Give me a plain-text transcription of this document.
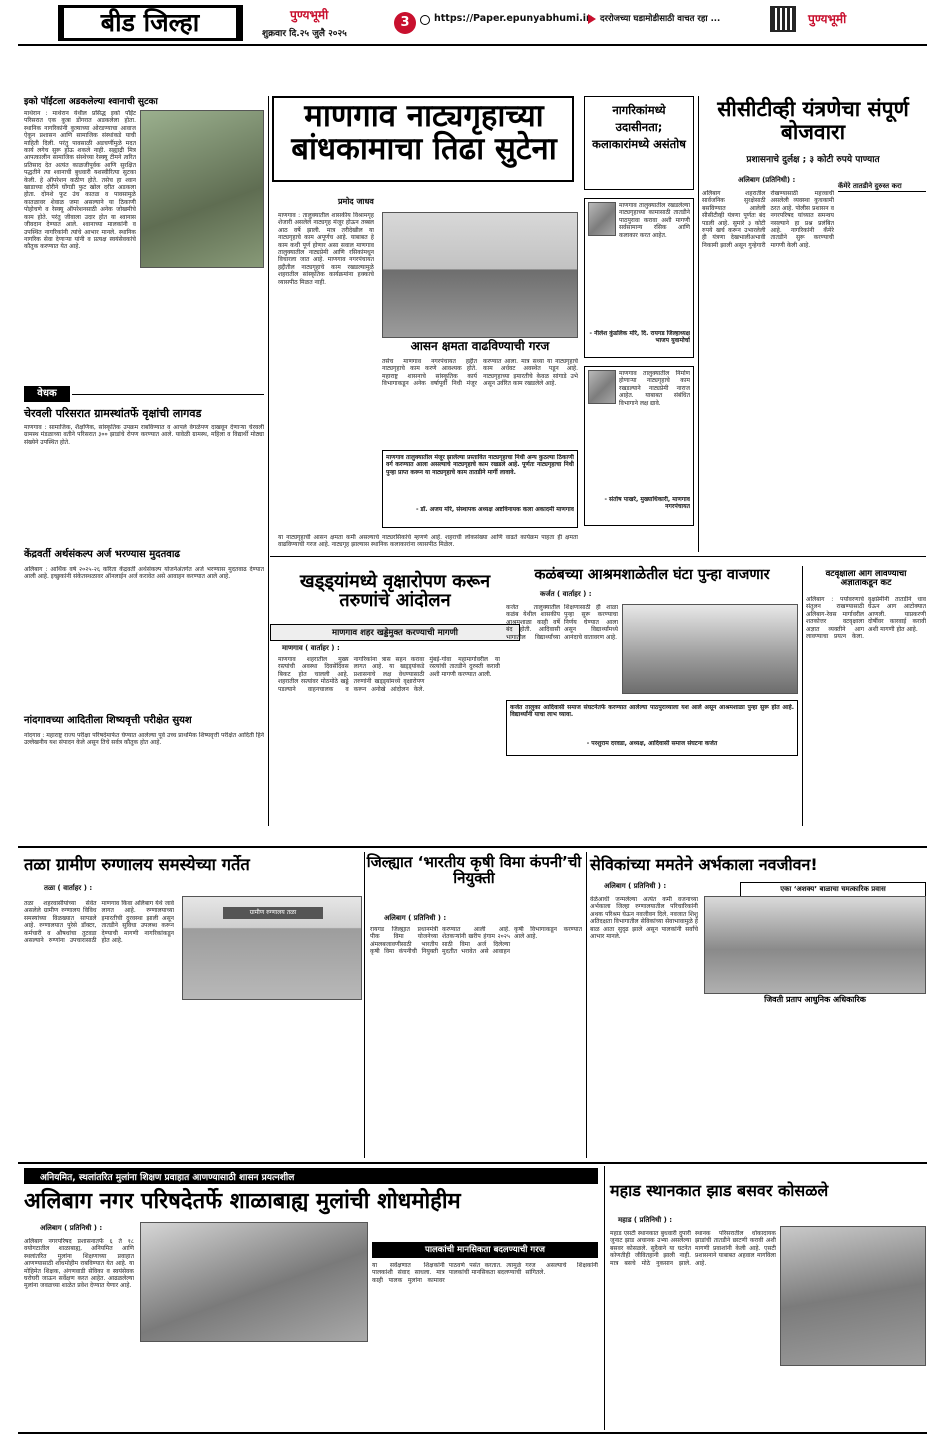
बीड जिल्हा	पुण्यभूमी
शुक्रवार दि.२५ जुलै २०२५
3	https://Paper.epunyabhumi.in दररोजच्या घडामोडीसाठी वाचत रहा ...	पुण्यभूमी
इको पॉईंटला अडकलेल्या श्वानाची सुटका
माथेरान : माथेरान येथील प्रसिद्ध इको पॉईंट परिसरात एक कुत्रा डोंगरात अडकलेला होता. स्थानिक नागरिकांनी कुत्र्याच्या ओरडण्याचा आवाज ऐकून प्रशासन आणि सामाजिक संस्थांकडे याची माहिती दिली. परंतु पावसाळी अडचणींमुळे मदत कार्य लगेच सुरू होऊ शकले नाही. सह्याद्री मित्र आपत्कालीन सामाजिक संस्थेच्या रेस्क्यू टीमने त्वरित प्रतिसाद देत अत्यंत काळजीपूर्वक आणि सुरक्षित पद्धतीने त्या श्वानाची बुधवारी यशस्वीरित्या सुटका केली. हे ऑपरेशन कठीण होते. तसेच हा श्वान खाडाच्या दोरीने घोंगडी फुट खोल दरीत अडकला होता. दोनशे फूट उंच कातळ व पावसामुळे कातळावर शेवाळ जमा असल्याने या ठिकाणी पोहोचणे व रेस्क्यू ऑपरेशनसाठी अनेक जोखमीचे काम होते. परंतु जीवाला उदार होत या श्वानास जीवदान देण्यात आले. श्वानाच्या मालकांनी व उपस्थित नागरिकांनी त्यांचे आभार मानले. स्थानिक नागरिक सेवा देणाऱ्या यांनी व प्रत्यक्ष स्वयंसेवकांचे कौतुक करण्यात येत आहे.
माणगाव नाट्यगृहाच्या बांधकामाचा तिढा सुटेना
प्रमोद जाधव
माणगाव : तालुक्यातील शासकीय विश्रामगृह शेजारी असलेले नाट्यगृह मंजूर होऊन तब्बल आठ वर्षे झाली. मात्र तरीदेखील या नाट्यगृहाचे काम अपूर्णच आहे. याबाबत हे काम कधी पूर्ण होणार असा सवाल माणगाव तालुक्यातील नाट्यप्रेमी आणि रसिकांमधून विचारला जात आहे. माणगाव नगरपंचायत हद्दीतील नाट्यगृहाचे काम रखडल्यामुळे शहरातील सांस्कृतिक कार्यक्रमांना हक्काचे व्यासपीठ मिळत नाही.
आसन क्षमता वाढविण्याची गरज
तसेच माणगाव नगरपंचायत हद्दीत नाट्यगृहाचे काम करणे आवश्यक होते. महाराष्ट्र शासनाचे सांस्कृतिक कार्य विभागाकडून अनेक वर्षापूर्वी निधी मंजूर करण्यात आला. मात्र सध्या या नाट्यगृहाचे काम अर्धवट अवस्थेत पडून आहे. नाट्यगृहाच्या इमारतीचे केवळ सांगाडे उभे असून उर्वरित काम रखडलेले आहे.
माणगाव तालुक्यातील मंजूर झालेल्या प्रस्तावित नाट्यगृहाचा निधी अन्य कुठल्या ठिकाणी वर्ग करण्यात आला असल्याचे नाट्यगृहाचे काम रखडले आहे. पूर्णतः नाट्यगृहाचा निधी पुन्हा प्राप्त करून या नाट्यगृहाचे काम तातडीने मार्गी लावावे.
- डॉ. अजय मोरे, संस्थापक अध्यक्ष अष्टविनायक कला अकादमी माणगाव
या नाट्यगृहाची आसन क्षमता कमी असल्याचे नाट्यरसिकांचे म्हणणे आहे. शहराची लोकसंख्या आणि वाढते कार्यक्रम पाहता ही क्षमता वाढविण्याची गरज आहे. नाट्यगृह झाल्यास स्थानिक कलाकारांना व्यासपीठ मिळेल.
नागरिकांमध्ये उदासीनता; कलाकारांमध्ये असंतोष
माणगाव तालुक्यातील रखडलेल्या नाट्यगृहाच्या कामासाठी तातडीने पाठपुरावा करावा अशी मागणी सर्वसामान्य रसिक आणि कलाकार करत आहेत.
- नीलेश कुंडलिक मोरे, दि. रायगड जिल्हाध्यक्ष भाजप युवामोर्चा
माणगाव तालुक्यातील निर्माण होणाऱ्या नाट्यगृहाचे काम रखडल्याने नाट्यप्रेमी नाराज आहेत. याबाबत संबंधित विभागाने लक्ष द्यावे.
- संतोष पाखरे, मुख्याधिकारी, माणगाव नगरपंचायत
सीसीटीव्ही यंत्रणेचा संपूर्ण बोजवारा
प्रशासनाचे दुर्लक्ष ; ३ कोटी रुपये पाण्यात
अलिबाग (प्रतिनिधी) :
अलिबाग शहरातील सार्वजनिक सुरक्षेसाठी बसविण्यात आलेली सीसीटीव्ही यंत्रणा पूर्णतः बंद पडली आहे. सुमारे ३ कोटी रुपये खर्च करून उभारलेली ही यंत्रणा देखभालीअभावी निकामी झाली असून गुन्हेगारी रोखण्यासाठी महत्त्वाची असलेली व्यवस्था कुचकामी ठरत आहे. पोलीस प्रशासन व नगरपरिषद यांच्यात समन्वय नसल्याने हा प्रश्न प्रलंबित आहे. नागरिकांनी कॅमेरे तातडीने सुरू करण्याची मागणी केली आहे.
कॅमेरे तातडीने दुरुस्त करा
वेधक
चेरवली परिसरात ग्रामस्थांतर्फे वृक्षांची लागवड
माणगाव : सामाजिक, शैक्षणिक, सांस्कृतिक उपक्रम राबविण्यात व आपले वेगळेपण दाखवून देणाऱ्या चेरवली ग्रामस्थ मंडळाच्या वतीने परिसरात ३०० झाडांचे रोपण करण्यात आले. यावेळी ग्रामस्थ, महिला व विद्यार्थी मोठ्या संख्येने उपस्थित होते.
केंद्रवर्ती अर्थसंकल्प अर्ज भरण्यास मुदतवाढ
अलिबाग : आर्थिक वर्ष २०२५-२६ करिता केंद्रवर्ती अर्थसंकल्प योजनेअंतर्गत अर्ज भरण्यास मुदतवाढ देण्यात आली आहे. इच्छुकांनी संकेतस्थळावर ऑनलाईन अर्ज करावेत असे आवाहन करण्यात आले आहे.
नांदगावच्या आदितीला शिष्यवृत्ती परीक्षेत सुयश
नांदगाव : महाराष्ट्र राज्य परीक्षा परिषदेमार्फत घेण्यात आलेल्या पूर्व उच्च प्राथमिक शिष्यवृत्ती परीक्षेत आदिती हिने उल्लेखनीय यश संपादन केले असून तिचे सर्वत्र कौतुक होत आहे.
खड्ड्यांमध्ये वृक्षारोपण करून तरुणांचे आंदोलन
माणगाव शहर खड्डेमुक्त करण्याची मागणी
माणगाव ( वार्ताहर ) :
माणगाव शहरातील मुख्य रस्त्यांची अवस्था दिवसेंदिवस बिकट होत चालली आहे. शहरातील रस्त्यांवर मोठमोठे खड्डे पडल्याने वाहनचालक व नागरिकांना त्रास सहन करावा लागत आहे. या खड्ड्यांकडे प्रशासनाचे लक्ष वेधण्यासाठी तरुणांनी खड्ड्यांमध्ये वृक्षारोपण करून अनोखे आंदोलन केले. मुंबई-गोवा महामार्गावरील या रस्त्यांची तातडीने दुरुस्ती करावी अशी मागणी करण्यात आली.
कळंबच्या आश्रमशाळेतील घंटा पुन्हा वाजणार
कर्जत ( वार्ताहर ) :
कर्जत तालुक्यातील कळंब येथील शासकीय आश्रमशाळा काही वर्षे बंद होती. आदिवासी भागातील विद्यार्थ्यांच्या शिक्षणासाठी ही शाळा पुन्हा सुरू करण्याचा निर्णय घेण्यात आला असून विद्यार्थ्यांमध्ये आनंदाचे वातावरण आहे.
कर्जत तालुका आदिवासी समाज संघटनेतर्फे करण्यात आलेल्या पाठपुराव्याला यश आले असून आश्रमशाळा पुन्हा सुरू होत आहे. विद्यार्थ्यांनी याचा लाभ घ्यावा.
- परशुराम दरवडा, अध्यक्ष, आदिवासी समाज संघटना कर्जत
वटवृक्षाला आग लावण्याचा अज्ञाताकडून कट
अलिबाग : पर्यावरणाचे संतुलन राखण्यासाठी अलिबाग-रेवस मार्गावरील शतकोत्तर वटवृक्षाला अज्ञात व्यक्तीने आग लावण्याचा प्रयत्न केला. वृक्षप्रेमींनी तातडीने धाव घेऊन आग आटोक्यात आणली. याप्रकरणी दोषींवर कारवाई करावी अशी मागणी होत आहे.
तळा ग्रामीण रुग्णालय समस्येच्या गर्तेत
तळा ( वार्ताहर ) :
तळा शहरवासीयांच्या सेवेत असलेले ग्रामीण रुग्णालय विविध समस्यांच्या विळख्यात सापडले आहे. रुग्णालयात पुरेसे डॉक्टर, कर्मचारी व औषधांचा तुटवडा असल्याने रुग्णांना उपचारासाठी माणगाव किंवा अलिबाग येथे जावे लागत आहे. रुग्णालयाच्या इमारतीची दुरवस्था झाली असून तातडीने सुविधा उपलब्ध करून देण्याची मागणी नागरिकांकडून होत आहे.
ग्रामीण रुग्णालय तळा
जिल्ह्यात ‘भारतीय कृषी विमा कंपनी’ची नियुक्ती
अलिबाग ( प्रतिनिधी ) :
रायगड जिल्ह्यात प्रधानमंत्री पीक विमा योजनेच्या अंमलबजावणीसाठी भारतीय कृषी विमा कंपनीची नियुक्ती करण्यात आली आहे. शेतकऱ्यांनी खरीप हंगाम २०२५ साठी विमा अर्ज दिलेल्या मुदतीत भरावेत असे आवाहन कृषी विभागाकडून करण्यात आले आहे.
सेविकांच्या ममतेने अर्भकाला नवजीवन!
अलिबाग ( प्रतिनिधी ) :	एका ‘अशक्य’ बाळाचा चमत्कारिक प्रवास
वेळेआधी जन्मलेल्या अत्यंत कमी वजनाच्या अर्भकाला जिल्हा रुग्णालयातील परिचारिकांनी अथक परिश्रम घेऊन नवजीवन दिले. नवजात शिशु अतिदक्षता विभागातील सेविकांच्या सेवाभावामुळे हे बाळ आता सुदृढ झाले असून पालकांनी सर्वांचे आभार मानले.
जिवती प्रताप आधुनिक अधिकारिक
अनियमित, स्थलांतरित मुलांना शिक्षण प्रवाहात आणण्यासाठी शासन प्रयत्नशील
अलिबाग नगर परिषदेतर्फे शाळाबाह्य मुलांची शोधमोहीम
अलिबाग ( प्रतिनिधी ) :
अलिबाग नगरपरिषद प्रशासनातर्फे ६ ते १८ वयोगटातील शाळाबाह्य, अनियमित आणि स्थलांतरित मुलांना शिक्षणाच्या प्रवाहात आणण्यासाठी शोधमोहीम राबविण्यात येत आहे. या मोहिमेत शिक्षक, अंगणवाडी सेविका व स्वयंसेवक घरोघरी जाऊन सर्वेक्षण करत आहेत. आढळलेल्या मुलांना जवळच्या शाळेत प्रवेश देण्यात येणार आहे.
पालकांची मानसिकता बदलण्याची गरज
या सर्वेक्षणात शिक्षकांनी पालकांशी संवाद साधला. मात्र काही पालक मुलांना कामावर पाठवणे पसंत करतात. त्यामुळे पालकांची मानसिकता बदलण्याची गरज असल्याचे शिक्षकांनी सांगितले.
महाड स्थानकात झाड बसवर कोसळले
महाड ( प्रतिनिधी ) :
महाड एसटी स्थानकात बुधवारी दुपारी जुनाट झाड अचानक उभ्या असलेल्या बसवर कोसळले. सुदैवाने या घटनेत कोणतीही जीवितहानी झाली नाही. मात्र बसचे मोठे नुकसान झाले. स्थानक परिसरातील धोकादायक झाडांची तातडीने छाटणी करावी अशी मागणी प्रवाशांनी केली आहे. एसटी प्रशासनाने याबाबत अहवाल मागविला आहे.
